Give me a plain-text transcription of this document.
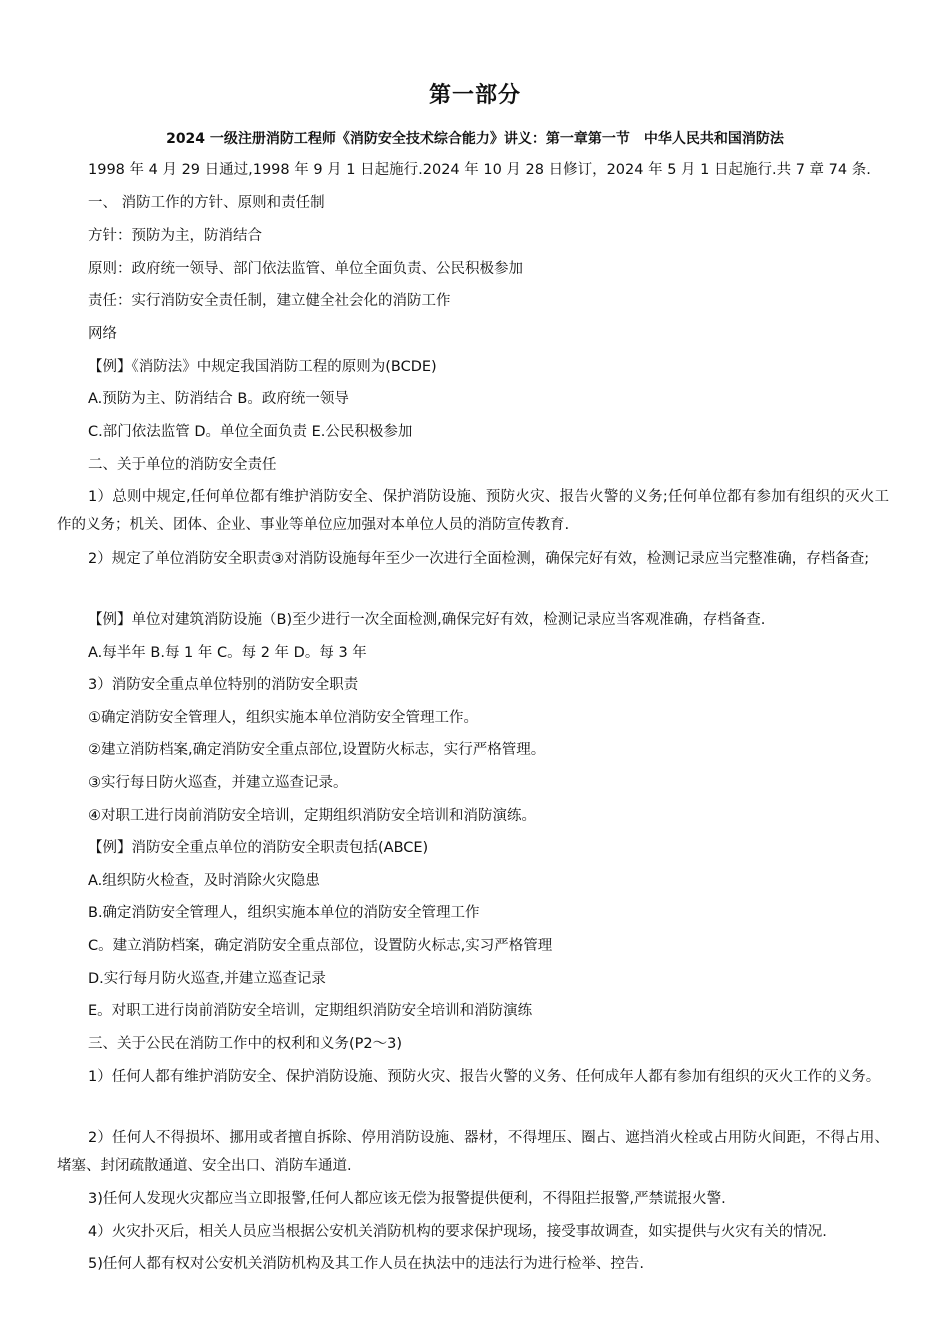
第一部分
2024 一级注册消防工程师《消防安全技术综合能力》讲义：第一章第一节　中华人民共和国消防法
1998 年 4 月 29 日通过,1998 年 9 月 1 日起施行.2024 年 10 月 28 日修订，2024 年 5 月 1 日起施行.共 7 章 74 条.
一、 消防工作的方针、原则和责任制
方针：预防为主，防消结合
原则：政府统一领导、部门依法监管、单位全面负责、公民积极参加
责任：实行消防安全责任制，建立健全社会化的消防工作
网络
【例】《消防法》中规定我国消防工程的原则为(BCDE)
A.预防为主、防消结合 B。政府统一领导
C.部门依法监管 D。单位全面负责 E.公民积极参加
二、关于单位的消防安全责任
1）总则中规定,任何单位都有维护消防安全、保护消防设施、预防火灾、报告火警的义务;任何单位都有参加有组织的灭火工作的义务；机关、团体、企业、事业等单位应加强对本单位人员的消防宣传教育.
2）规定了单位消防安全职责③对消防设施每年至少一次进行全面检测，确保完好有效，检测记录应当完整准确，存档备查;
【例】单位对建筑消防设施（B)至少进行一次全面检测,确保完好有效，检测记录应当客观准确，存档备查.
A.每半年 B.每 1 年 C。每 2 年 D。每 3 年
3）消防安全重点单位特别的消防安全职责
①确定消防安全管理人，组织实施本单位消防安全管理工作。
②建立消防档案,确定消防安全重点部位,设置防火标志，实行严格管理。
③实行每日防火巡查，并建立巡查记录。
④对职工进行岗前消防安全培训，定期组织消防安全培训和消防演练。
【例】消防安全重点单位的消防安全职责包括(ABCE)
A.组织防火检查，及时消除火灾隐患
B.确定消防安全管理人，组织实施本单位的消防安全管理工作
C。建立消防档案，确定消防安全重点部位，设置防火标志,实习严格管理
D.实行每月防火巡查,并建立巡查记录
E。对职工进行岗前消防安全培训，定期组织消防安全培训和消防演练
三、关于公民在消防工作中的权利和义务(P2～3)
1）任何人都有维护消防安全、保护消防设施、预防火灾、报告火警的义务、任何成年人都有参加有组织的灭火工作的义务。
2）任何人不得损坏、挪用或者擅自拆除、停用消防设施、器材，不得埋压、圈占、遮挡消火栓或占用防火间距，不得占用、堵塞、封闭疏散通道、安全出口、消防车通道.
3)任何人发现火灾都应当立即报警,任何人都应该无偿为报警提供便利，不得阻拦报警,严禁谎报火警.
4）火灾扑灭后，相关人员应当根据公安机关消防机构的要求保护现场，接受事故调查，如实提供与火灾有关的情况.
5)任何人都有权对公安机关消防机构及其工作人员在执法中的违法行为进行检举、控告.
